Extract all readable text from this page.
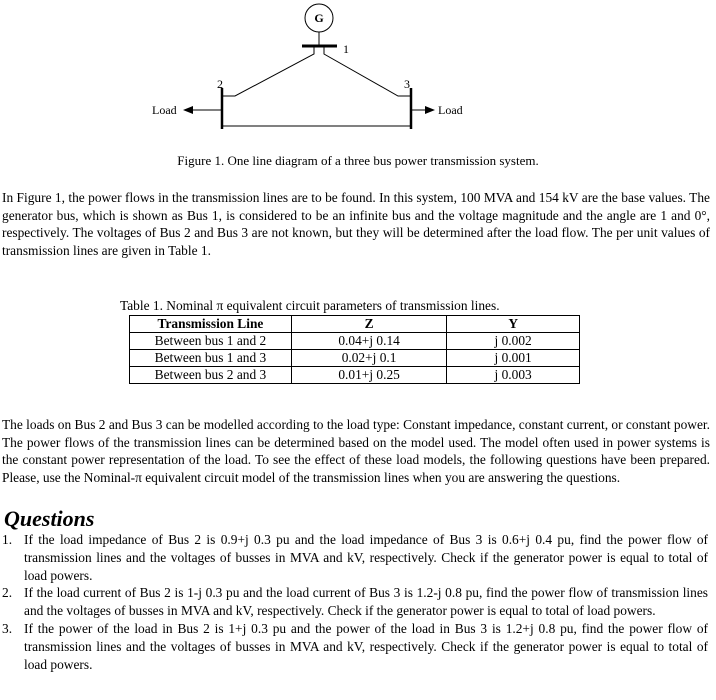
G
1
2	3
Load	Load
Figure 1. One line diagram of a three bus power transmission system.
In Figure 1, the power flows in the transmission lines are to be found. In this system, 100 MVA and 154 kV are the base values. The generator bus, which is shown as Bus 1, is considered to be an infinite bus and the voltage magnitude and the angle are 1 and 0°, respectively. The voltages of Bus 2 and Bus 3 are not known, but they will be determined after the load flow. The per unit values of transmission lines are given in Table 1.
Table 1. Nominal π equivalent circuit parameters of transmission lines.
Transmission Line	Z	Y
Between bus 1 and 2	0.04+j 0.14	j 0.002
Between bus 1 and 3	0.02+j 0.1	j 0.001
Between bus 2 and 3	0.01+j 0.25	j 0.003
The loads on Bus 2 and Bus 3 can be modelled according to the load type: Constant impedance, constant current, or constant power. The power flows of the transmission lines can be determined based on the model used. The model often used in power systems is the constant power representation of the load. To see the effect of these load models, the following questions have been prepared. Please, use the Nominal-π equivalent circuit model of the transmission lines when you are answering the questions.
Questions
1. If the load impedance of Bus 2 is 0.9+j 0.3 pu and the load impedance of Bus 3 is 0.6+j 0.4 pu, find the power flow of transmission lines and the voltages of busses in MVA and kV, respectively. Check if the generator power is equal to total of load powers.
2. If the load current of Bus 2 is 1-j 0.3 pu and the load current of Bus 3 is 1.2-j 0.8 pu, find the power flow of transmission lines and the voltages of busses in MVA and kV, respectively. Check if the generator power is equal to total of load powers.
3. If the power of the load in Bus 2 is 1+j 0.3 pu and the power of the load in Bus 3 is 1.2+j 0.8 pu, find the power flow of transmission lines and the voltages of busses in MVA and kV, respectively. Check if the generator power is equal to total of load powers.
